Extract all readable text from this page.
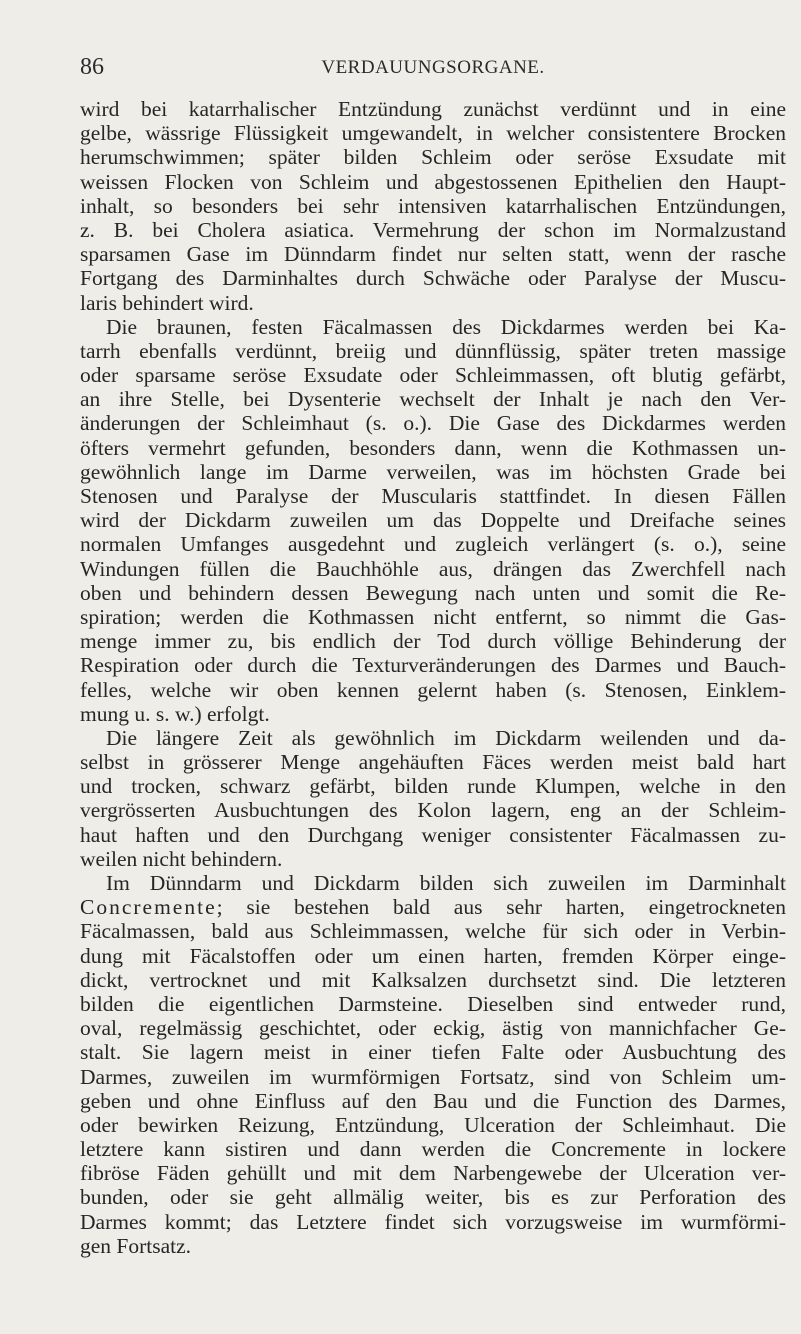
86	VERDAUUNGSORGANE.
wird bei katarrhalischer Entzündung zunächst verdünnt und in eine
gelbe, wässrige Flüssigkeit umgewandelt, in welcher consistentere Brocken
herumschwimmen; später bilden Schleim oder seröse Exsudate mit
weissen Flocken von Schleim und abgestossenen Epithelien den Haupt-
inhalt, so besonders bei sehr intensiven katarrhalischen Entzündungen,
z. B. bei Cholera asiatica. Vermehrung der schon im Normalzustand
sparsamen Gase im Dünndarm findet nur selten statt, wenn der rasche
Fortgang des Darminhaltes durch Schwäche oder Paralyse der Muscu-
laris behindert wird.
Die braunen, festen Fäcalmassen des Dickdarmes werden bei Ka-
tarrh ebenfalls verdünnt, breiig und dünnflüssig, später treten massige
oder sparsame seröse Exsudate oder Schleimmassen, oft blutig gefärbt,
an ihre Stelle, bei Dysenterie wechselt der Inhalt je nach den Ver-
änderungen der Schleimhaut (s. o.). Die Gase des Dickdarmes werden
öfters vermehrt gefunden, besonders dann, wenn die Kothmassen un-
gewöhnlich lange im Darme verweilen, was im höchsten Grade bei
Stenosen und Paralyse der Muscularis stattfindet. In diesen Fällen
wird der Dickdarm zuweilen um das Doppelte und Dreifache seines
normalen Umfanges ausgedehnt und zugleich verlängert (s. o.), seine
Windungen füllen die Bauchhöhle aus, drängen das Zwerchfell nach
oben und behindern dessen Bewegung nach unten und somit die Re-
spiration; werden die Kothmassen nicht entfernt, so nimmt die Gas-
menge immer zu, bis endlich der Tod durch völlige Behinderung der
Respiration oder durch die Texturveränderungen des Darmes und Bauch-
felles, welche wir oben kennen gelernt haben (s. Stenosen, Einklem-
mung u. s. w.) erfolgt.
Die längere Zeit als gewöhnlich im Dickdarm weilenden und da-
selbst in grösserer Menge angehäuften Fäces werden meist bald hart
und trocken, schwarz gefärbt, bilden runde Klumpen, welche in den
vergrösserten Ausbuchtungen des Kolon lagern, eng an der Schleim-
haut haften und den Durchgang weniger consistenter Fäcalmassen zu-
weilen nicht behindern.
Im Dünndarm und Dickdarm bilden sich zuweilen im Darminhalt
Concremente; sie bestehen bald aus sehr harten, eingetrockneten
Fäcalmassen, bald aus Schleimmassen, welche für sich oder in Verbin-
dung mit Fäcalstoffen oder um einen harten, fremden Körper einge-
dickt, vertrocknet und mit Kalksalzen durchsetzt sind. Die letzteren
bilden die eigentlichen Darmsteine. Dieselben sind entweder rund,
oval, regelmässig geschichtet, oder eckig, ästig von mannichfacher Ge-
stalt. Sie lagern meist in einer tiefen Falte oder Ausbuchtung des
Darmes, zuweilen im wurmförmigen Fortsatz, sind von Schleim um-
geben und ohne Einfluss auf den Bau und die Function des Darmes,
oder bewirken Reizung, Entzündung, Ulceration der Schleimhaut. Die
letztere kann sistiren und dann werden die Concremente in lockere
fibröse Fäden gehüllt und mit dem Narbengewebe der Ulceration ver-
bunden, oder sie geht allmälig weiter, bis es zur Perforation des
Darmes kommt; das Letztere findet sich vorzugsweise im wurmförmi-
gen Fortsatz.
